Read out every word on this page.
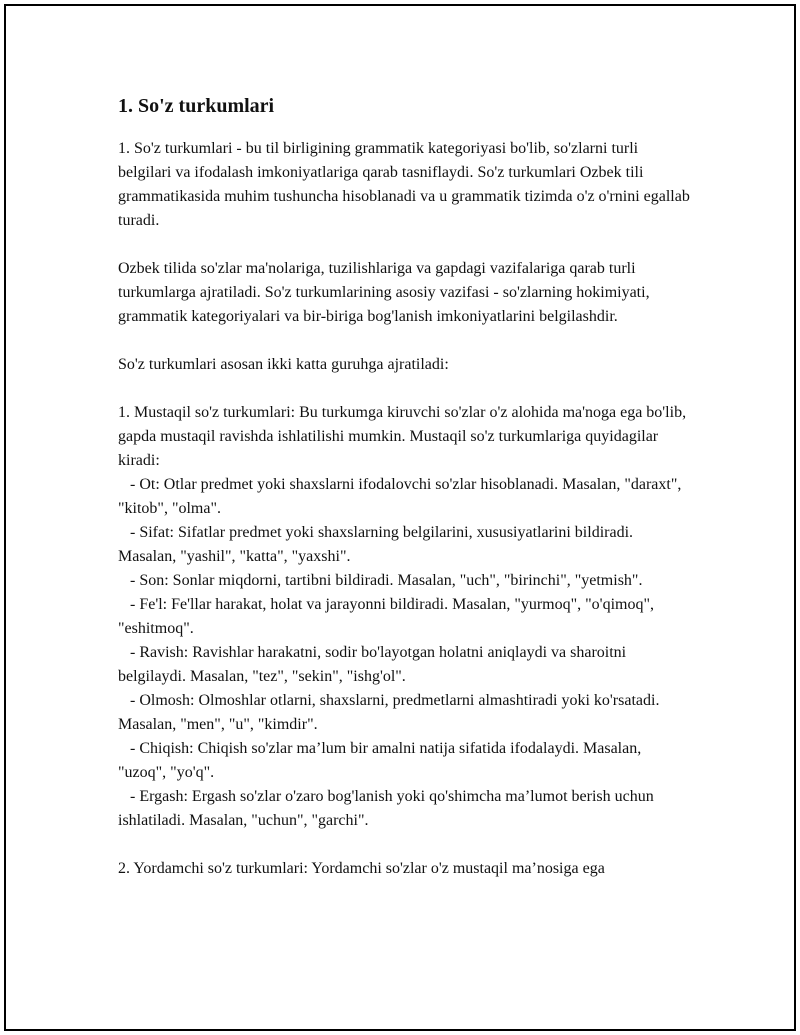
1. So'z turkumlari

1. So'z turkumlari - bu til birligining grammatik kategoriyasi bo'lib, so'zlarni turli belgilari va ifodalash imkoniyatlariga qarab tasniflaydi. So'z turkumlari Ozbek tili grammatikasida muhim tushuncha hisoblanadi va u grammatik tizimda o'z o'rnini egallab turadi.

Ozbek tilida so'zlar ma'nolariga, tuzilishlariga va gapdagi vazifalariga qarab turli turkumlarga ajratiladi. So'z turkumlarining asosiy vazifasi - so'zlarning hokimiyati, grammatik kategoriyalari va bir-biriga bog'lanish imkoniyatlarini belgilashdir.

So'z turkumlari asosan ikki katta guruhga ajratiladi:

1. Mustaqil so'z turkumlari: Bu turkumga kiruvchi so'zlar o'z alohida ma'noga ega bo'lib, gapda mustaqil ravishda ishlatilishi mumkin. Mustaqil so'z turkumlariga quyidagilar kiradi:

- Ot: Otlar predmet yoki shaxslarni ifodalovchi so'zlar hisoblanadi. Masalan, "daraxt", "kitob", "olma".

- Sifat: Sifatlar predmet yoki shaxslarning belgilarini, xususiyatlarini bildiradi. Masalan, "yashil", "katta", "yaxshi".

- Son: Sonlar miqdorni, tartibni bildiradi. Masalan, "uch", "birinchi", "yetmish".

- Fe'l: Fe'llar harakat, holat va jarayonni bildiradi. Masalan, "yurmoq", "o'qimoq", "eshitmoq".

- Ravish: Ravishlar harakatni, sodir bo'layotgan holatni aniqlaydi va sharoitni belgilaydi. Masalan, "tez", "sekin", "ishg'ol".

- Olmosh: Olmoshlar otlarni, shaxslarni, predmetlarni almashtiradi yoki ko'rsatadi. Masalan, "men", "u", "kimdir".

- Chiqish: Chiqish so'zlar ma’lum bir amalni natija sifatida ifodalaydi. Masalan, "uzoq", "yo'q".

- Ergash: Ergash so'zlar o'zaro bog'lanish yoki qo'shimcha ma’lumot berish uchun ishlatiladi. Masalan, "uchun", "garchi".

2. Yordamchi so'z turkumlari: Yordamchi so'zlar o'z mustaqil ma’nosiga ega
